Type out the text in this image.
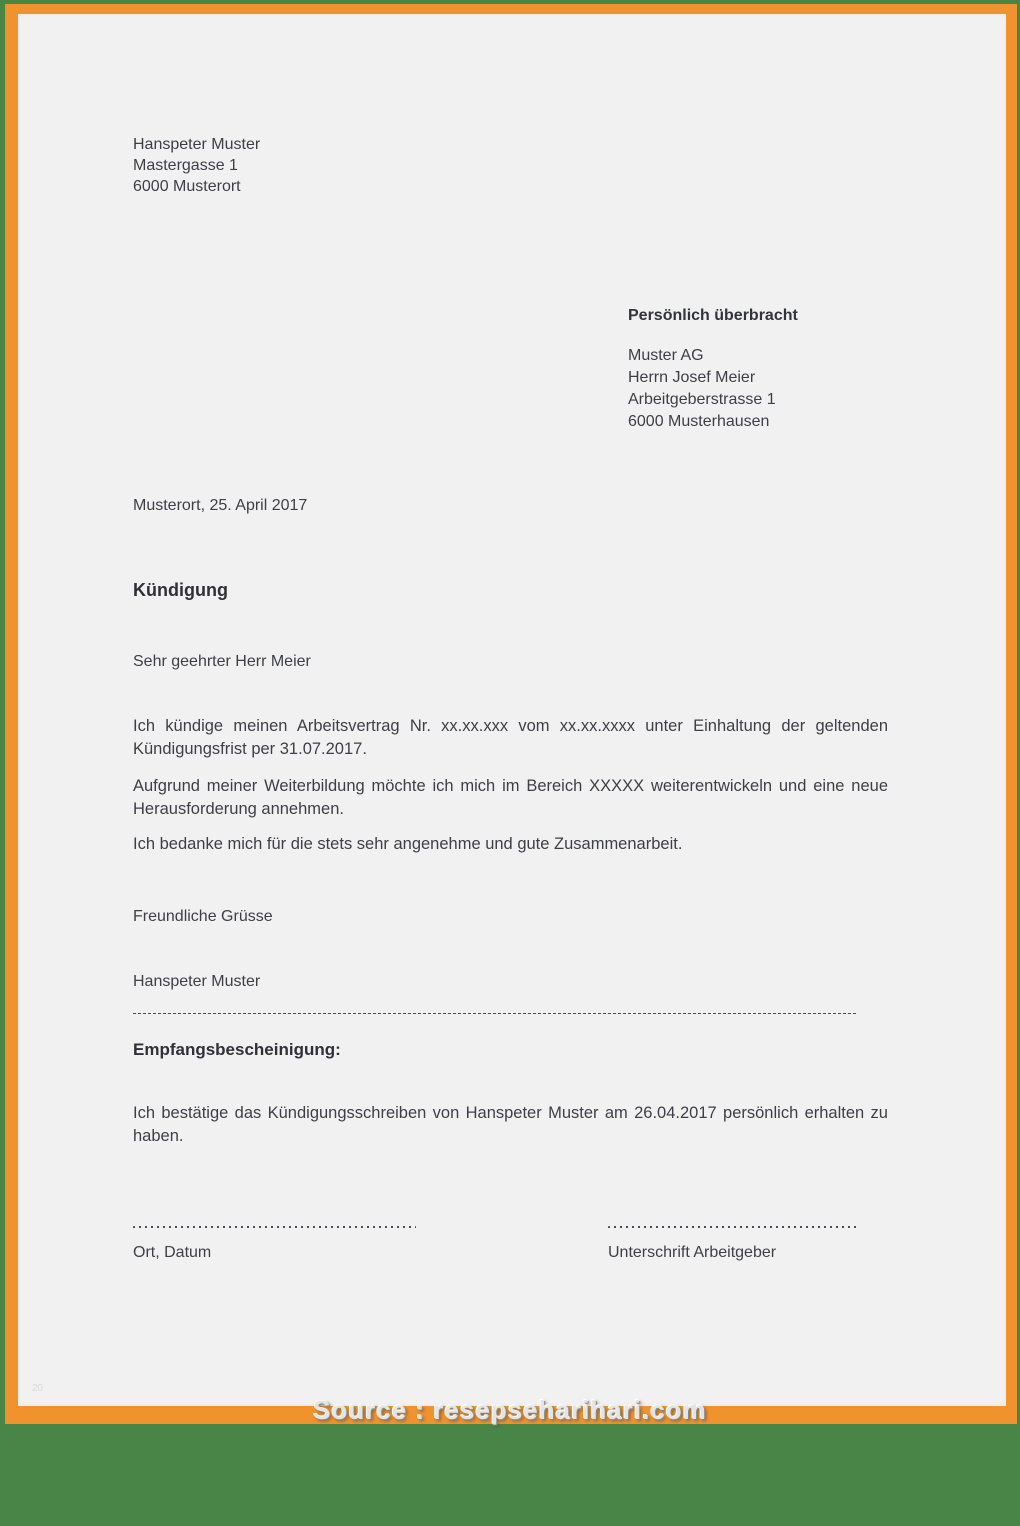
Hanspeter Muster
Mastergasse 1
6000 Musterort
Persönlich überbracht
Muster AG
Herrn Josef Meier
Arbeitgeberstrasse 1
6000 Musterhausen
Musterort, 25. April 2017
Kündigung
Sehr geehrter Herr Meier

Ich kündige meinen Arbeitsvertrag Nr. xx.xx.xxx vom xx.xx.xxxx unter Einhaltung der geltenden Kündigungsfrist per 31.07.2017.

Aufgrund meiner Weiterbildung möchte ich mich im Bereich XXXXX weiterentwickeln und eine neue Herausforderung annehmen.

Ich bedanke mich für die stets sehr angenehme und gute Zusammenarbeit.

Freundliche Grüsse
Hanspeter Muster
Empfangsbescheinigung:

Ich bestätige das Kündigungsschreiben von Hanspeter Muster am 26.04.2017 persönlich erhalten zu haben.

Ort, Datum	Unterschrift Arbeitgeber
20
Source : resepseharihari.com
